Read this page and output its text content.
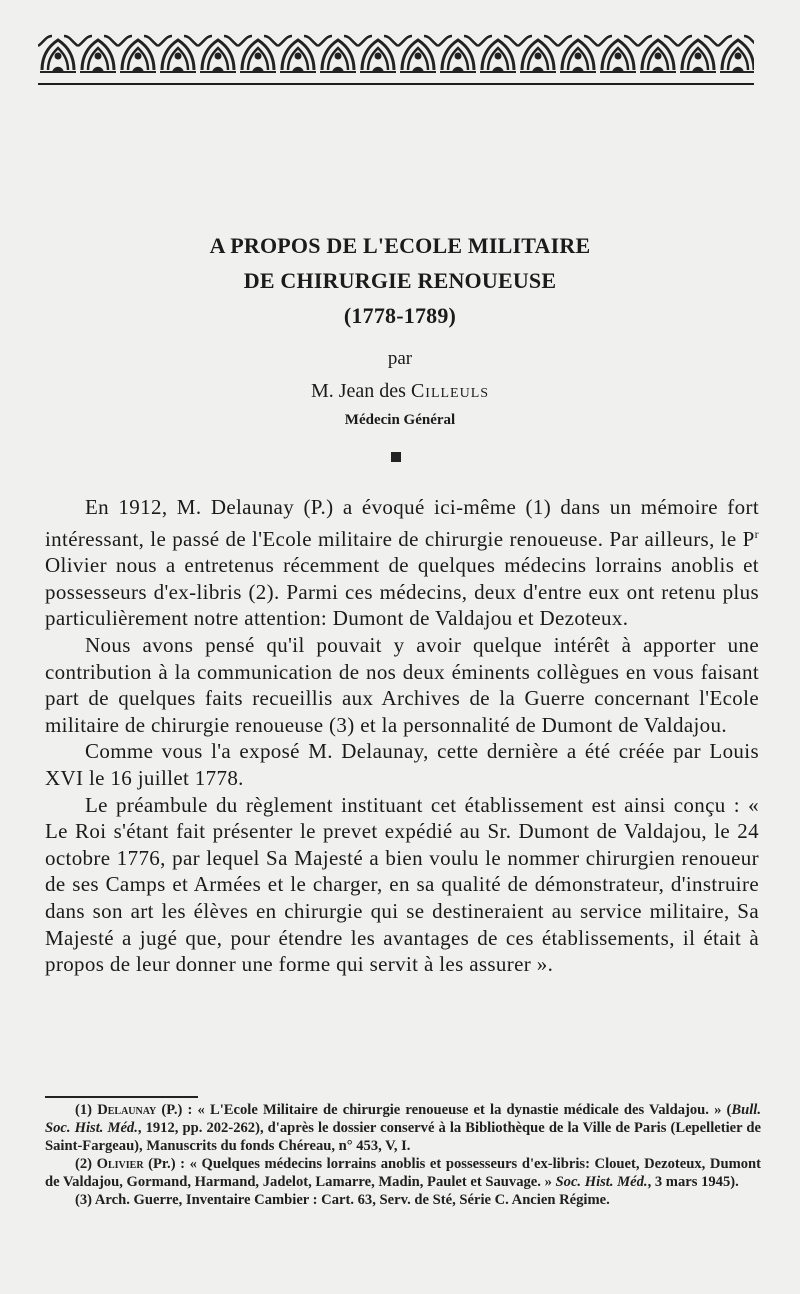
A PROPOS DE L'ECOLE MILITAIRE
DE CHIRURGIE RENOUEUSE
(1778-1789)
par
M. Jean des Cilleuls
Médecin Général

En 1912, M. Delaunay (P.) a évoqué ici-même (1) dans un mémoire fort intéressant, le passé de l'Ecole militaire de chirurgie renoueuse. Par ailleurs, le $P^r$ Olivier nous a entretenus récemment de quelques médecins lorrains anoblis et possesseurs d'ex-libris (2). Parmi ces médecins, deux d'entre eux ont retenu plus particulièrement notre attention: Dumont de Valdajou et Dezoteux.

Nous avons pensé qu'il pouvait y avoir quelque intérêt à apporter une contribution à la communication de nos deux éminents collègues en vous faisant part de quelques faits recueillis aux Archives de la Guerre concernant l'Ecole militaire de chirurgie renoueuse (3) et la personnalité de Dumont de Valdajou.

Comme vous l'a exposé M. Delaunay, cette dernière a été créée par Louis XVI le 16 juillet 1778.

Le préambule du règlement instituant cet établissement est ainsi conçu : « Le Roi s'étant fait présenter le prevet expédié au Sr. Dumont de Valdajou, le 24 octobre 1776, par lequel Sa Majesté a bien voulu le nommer chirurgien renoueur de ses Camps et Armées et le charger, en sa qualité de démonstrateur, d'instruire dans son art les élèves en chirurgie qui se destineraient au service militaire, Sa Majesté a jugé que, pour étendre les avantages de ces établissements, il était à propos de leur donner une forme qui servit à les assurer ».

(1) Delaunay (P.) : « L'Ecole Militaire de chirurgie renoueuse et la dynastie médicale des Valdajou. » (Bull. Soc. Hist. Méd., 1912, pp. 202-262), d'après le dossier conservé à la Bibliothèque de la Ville de Paris (Lepelletier de Saint-Fargeau), Manuscrits du fonds Chéreau, n° 453, V, I.

(2) Olivier (Pr.) : « Quelques médecins lorrains anoblis et possesseurs d'ex-libris: Clouet, Dezoteux, Dumont de Valdajou, Gormand, Harmand, Jadelot, Lamarre, Madin, Paulet et Sauvage. » Soc. Hist. Méd., 3 mars 1945).

(3) Arch. Guerre, Inventaire Cambier : Cart. 63, Serv. de Sté, Série C. Ancien Régime.
